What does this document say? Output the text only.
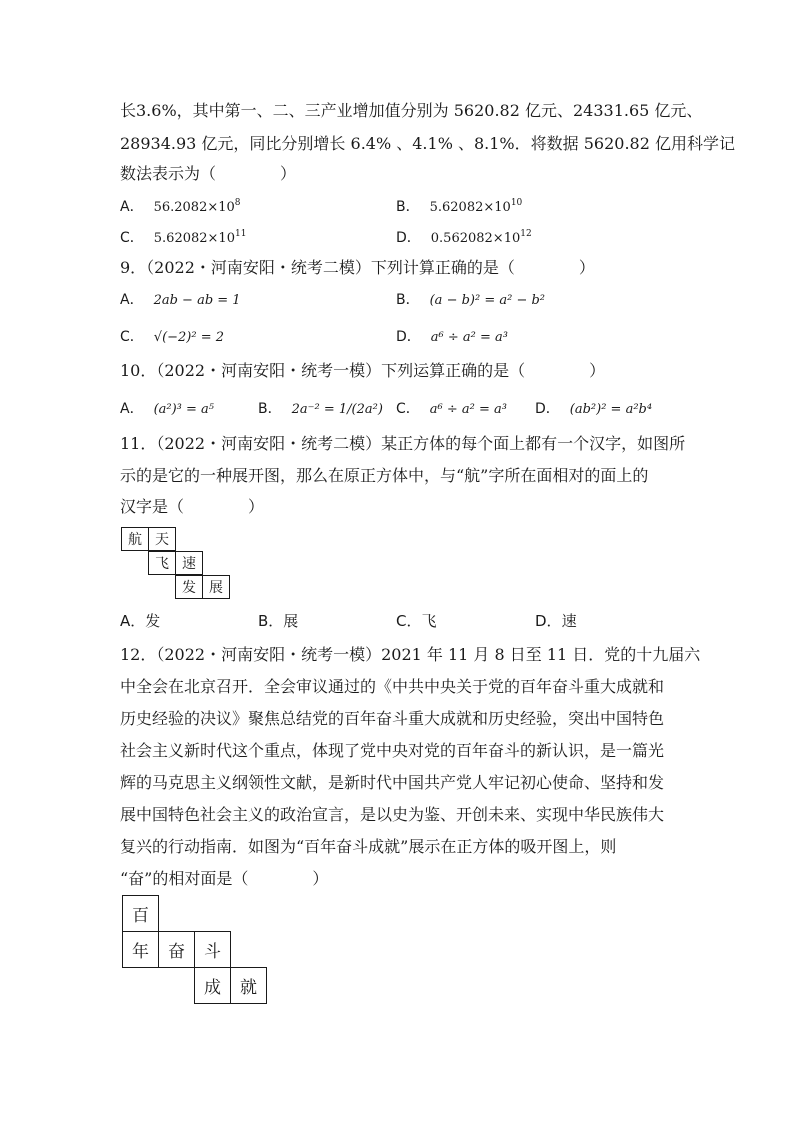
长3.6%，其中第一、二、三产业增加值分别为 5620.82 亿元、24331.65 亿元、
28934.93 亿元，同比分别增长 6.4% 、4.1% 、8.1%．将数据 5620.82 亿用科学记
数法表示为（　　　　）
A． $56.2082\times 10^8$	B． $5.62082\times 10^{10}$
C． $5.62082\times 10^{11}$	D． $0.562082\times 10^{12}$
9．（2022・河南安阳・统考二模）下列计算正确的是（　　　　）
A． 2ab − ab = 1	B． (a − b)² = a² − b²
C． √(−2)² = 2	D． a⁶ ÷ a² = a³
10．（2022・河南安阳・统考一模）下列运算正确的是（　　　　）
A． (a²)³ = a⁵	B． 2a⁻² = 1/(2a²) C． a⁶ ÷ a² = a³ D． (ab²)² = a²b⁴
11．（2022・河南安阳・统考二模）某正方体的每个面上都有一个汉字，如图所
示的是它的一种展开图，那么在原正方体中，与“航”字所在面相对的面上的
汉字是（　　　　）
航 天
飞 速
发 展
A．发	B．展	C．飞	D．速
12．（2022・河南安阳・统考一模）2021 年 11 月 8 日至 11 日．党的十九届六
中全会在北京召开．全会审议通过的《中共中央关于党的百年奋斗重大成就和
历史经验的决议》聚焦总结党的百年奋斗重大成就和历史经验，突出中国特色
社会主义新时代这个重点，体现了党中央对党的百年奋斗的新认识，是一篇光
辉的马克思主义纲领性文献，是新时代中国共产党人牢记初心使命、坚持和发
展中国特色社会主义的政治宣言，是以史为鉴、开创未来、实现中华民族伟大
复兴的行动指南．如图为“百年奋斗成就”展示在正方体的吸开图上，则
“奋”的相对面是（　　　　）
百
年	奋	斗
成	就
